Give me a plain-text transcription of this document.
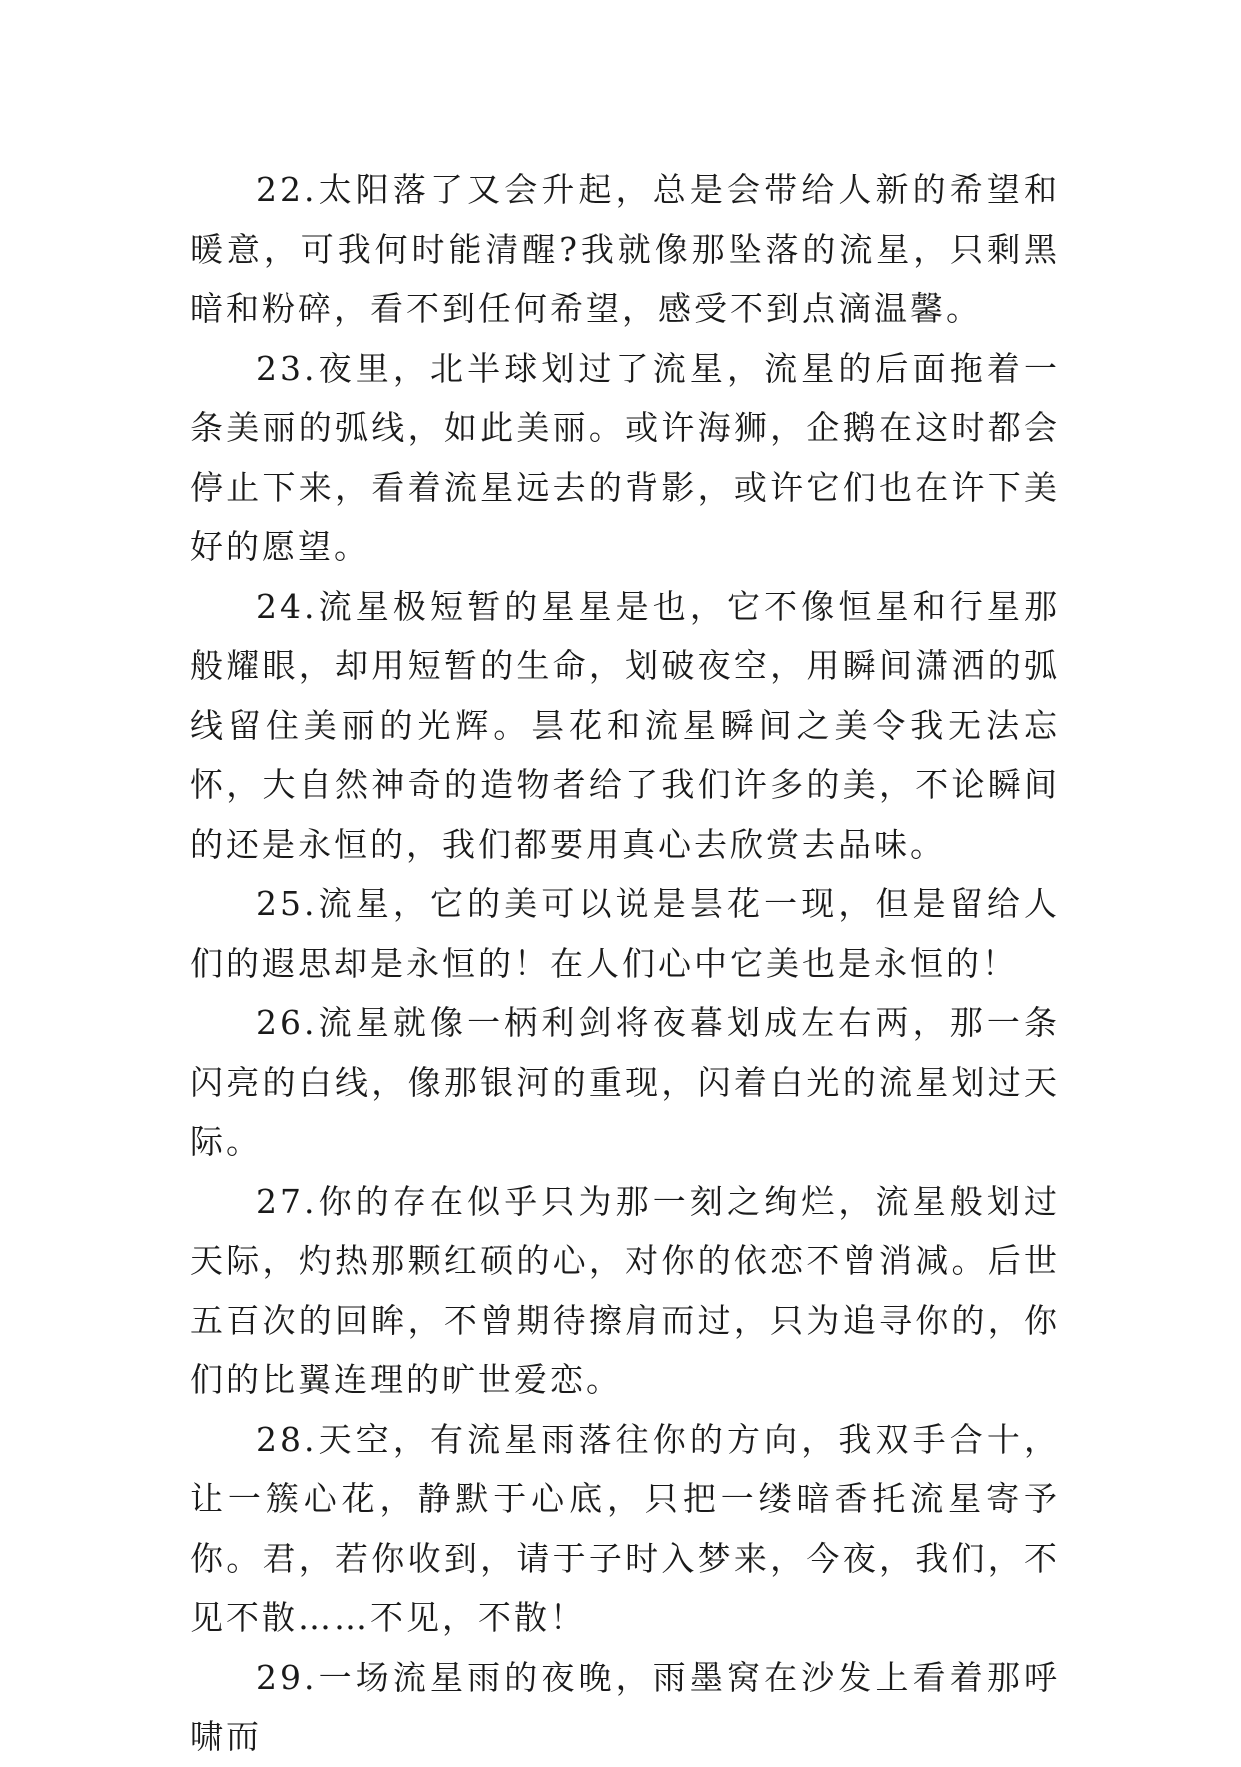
22.太阳落了又会升起，总是会带给人新的希望和暖意，可我何时能清醒?我就像那坠落的流星，只剩黑暗和粉碎，看不到任何希望，感受不到点滴温馨。

23.夜里，北半球划过了流星，流星的后面拖着一条美丽的弧线，如此美丽。或许海狮，企鹅在这时都会停止下来，看着流星远去的背影，或许它们也在许下美好的愿望。

24.流星极短暂的星星是也，它不像恒星和行星那般耀眼，却用短暂的生命，划破夜空，用瞬间潇洒的弧线留住美丽的光辉。昙花和流星瞬间之美令我无法忘怀，大自然神奇的造物者给了我们许多的美，不论瞬间的还是永恒的，我们都要用真心去欣赏去品味。

25.流星，它的美可以说是昙花一现，但是留给人们的遐思却是永恒的！在人们心中它美也是永恒的！

26.流星就像一柄利剑将夜暮划成左右两，那一条闪亮的白线，像那银河的重现，闪着白光的流星划过天际。

27.你的存在似乎只为那一刻之绚烂，流星般划过天际，灼热那颗红硕的心，对你的依恋不曾消减。后世五百次的回眸，不曾期待擦肩而过，只为追寻你的，你们的比翼连理的旷世爱恋。

28.天空，有流星雨落往你的方向，我双手合十，让一簇心花，静默于心底，只把一缕暗香托流星寄予你。君，若你收到，请于子时入梦来，今夜，我们，不见不散……不见，不散！

29.一场流星雨的夜晚，雨墨窝在沙发上看着那呼啸而
